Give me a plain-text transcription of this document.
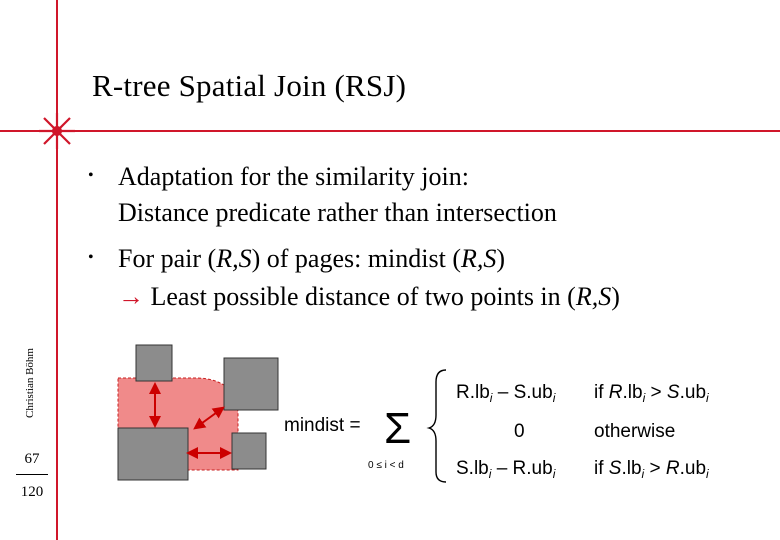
R-tree Spatial Join (RSJ)
Christian Böhm
67
120
• Adaptation for the similarity join:
Distance predicate rather than intersection
• For pair (R,S) of pages: mindist (R,S)
→ Least possible distance of two points in (R,S)
mindist = Σ
0 ≤ i < d
$R.lb_i - S.ub_i$ if $R.lb_i > S.ub_i$
0	otherwise
$S.lb_i - R.ub_i$ if $S.lb_i > R.ub_i$
